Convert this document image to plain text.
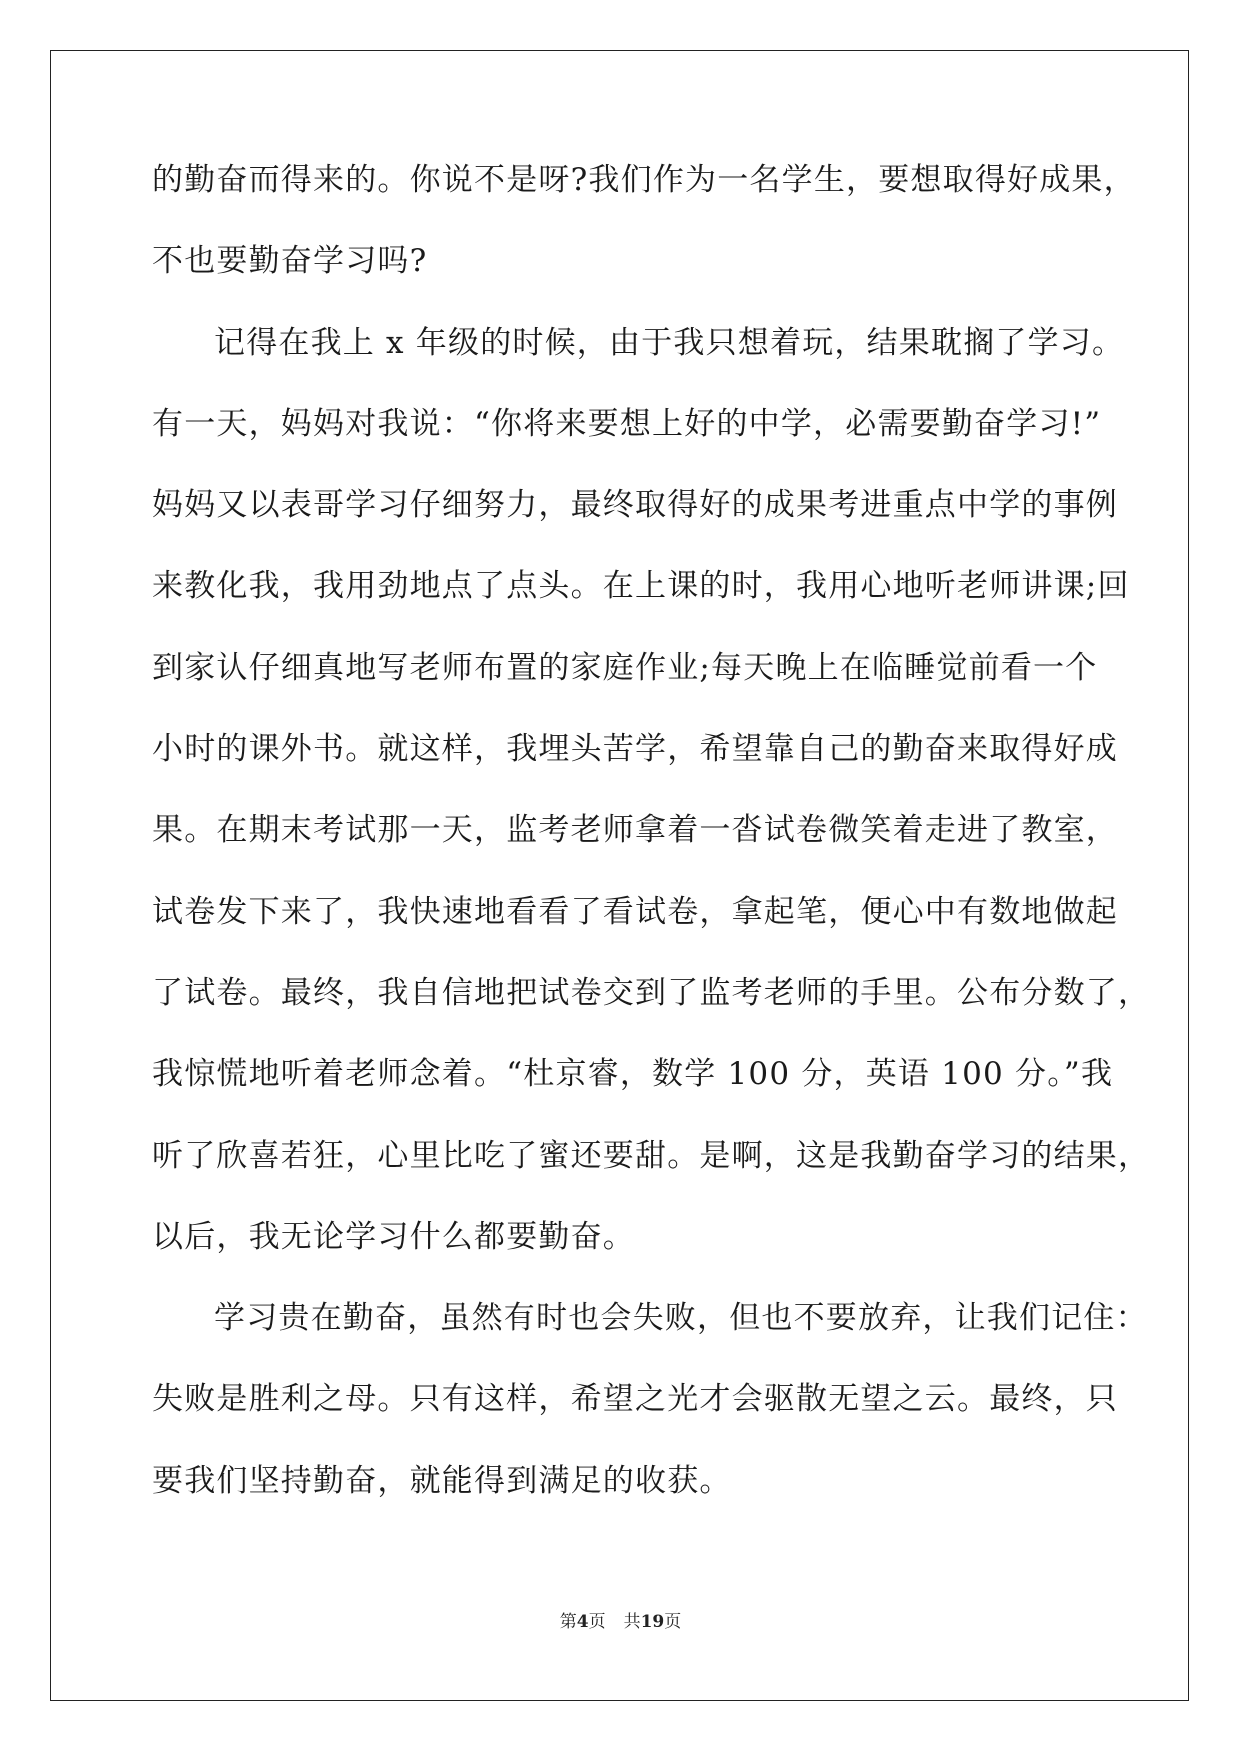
的勤奋而得来的。你说不是呀?我们作为一名学生，要想取得好成果，
不也要勤奋学习吗?
记得在我上 x 年级的时候，由于我只想着玩，结果耽搁了学习。
有一天，妈妈对我说：“你将来要想上好的中学，必需要勤奋学习!”
妈妈又以表哥学习仔细努力，最终取得好的成果考进重点中学的事例
来教化我，我用劲地点了点头。在上课的时，我用心地听老师讲课;回
到家认仔细真地写老师布置的家庭作业;每天晚上在临睡觉前看一个
小时的课外书。就这样，我埋头苦学，希望靠自己的勤奋来取得好成
果。在期末考试那一天，监考老师拿着一沓试卷微笑着走进了教室，
试卷发下来了，我快速地看看了看试卷，拿起笔，便心中有数地做起
了试卷。最终，我自信地把试卷交到了监考老师的手里。公布分数了，
我惊慌地听着老师念着。“杜京睿，数学 100 分，英语 100 分。”我
听了欣喜若狂，心里比吃了蜜还要甜。是啊，这是我勤奋学习的结果，
以后，我无论学习什么都要勤奋。
学习贵在勤奋，虽然有时也会失败，但也不要放弃，让我们记住：
失败是胜利之母。只有这样，希望之光才会驱散无望之云。最终，只
要我们坚持勤奋，就能得到满足的收获。
第4页 共19页
